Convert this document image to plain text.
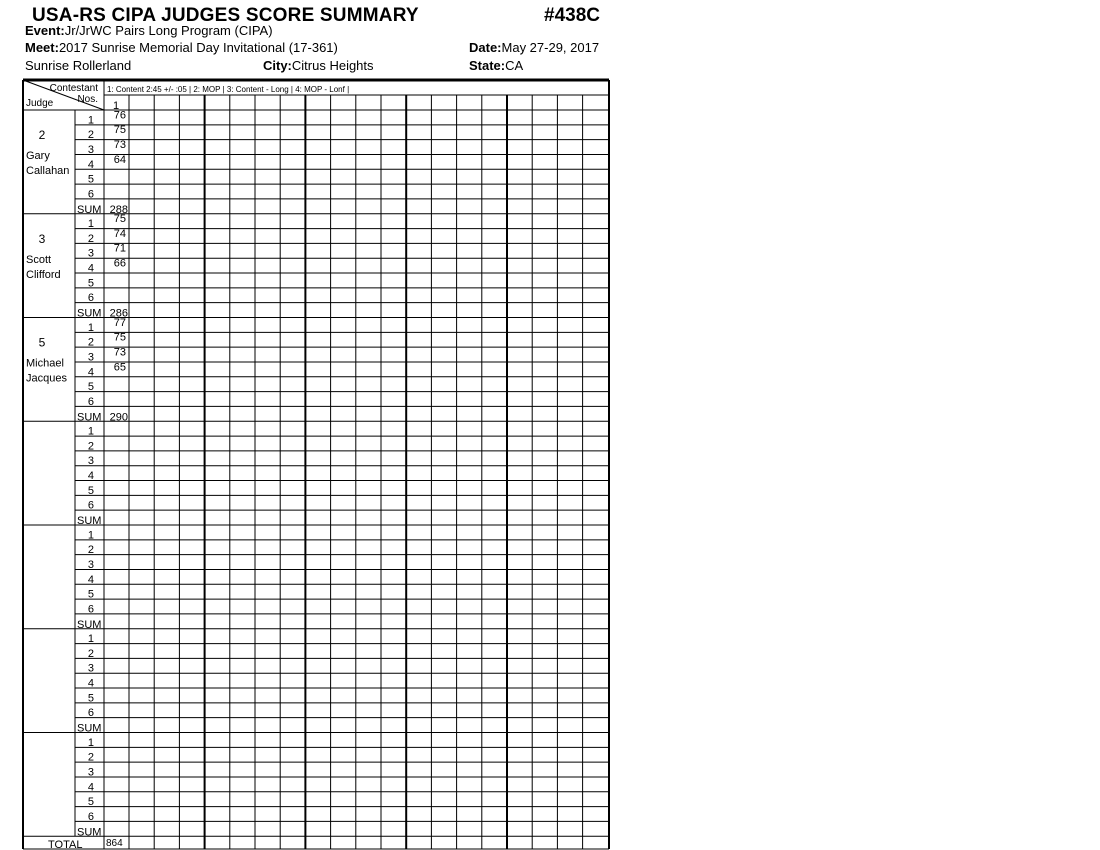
USA-RS CIPA JUDGES SCORE SUMMARY	#438C
Event:Jr/JrWC Pairs Long Program (CIPA)
Meet:2017 Sunrise Memorial Day Invitational (17-361)	Date:May 27-29, 2017
Sunrise Rollerland	City:Citrus Heights	State:CA
Contestant
Nos.
Judge
1: Content 2:45 +/- :05 | 2: MOP | 3: Content - Long | 4: MOP - Lonf |
1
2
Gary
Callahan
1 76
2 75
3 73
4 64
5
6
SUM 288
3
Scott
Clifford
1 75
2 74
3 71
4 66
5
6
SUM 286
5
Michael
Jacques
1 77
2 75
3 73
4 65
5
6
SUM 290
1
2
3
4
5
6
SUM
1
2
3
4
5
6
SUM
1
2
3
4
5
6
SUM
1
2
3
4
5
6
SUM
TOTAL 864
